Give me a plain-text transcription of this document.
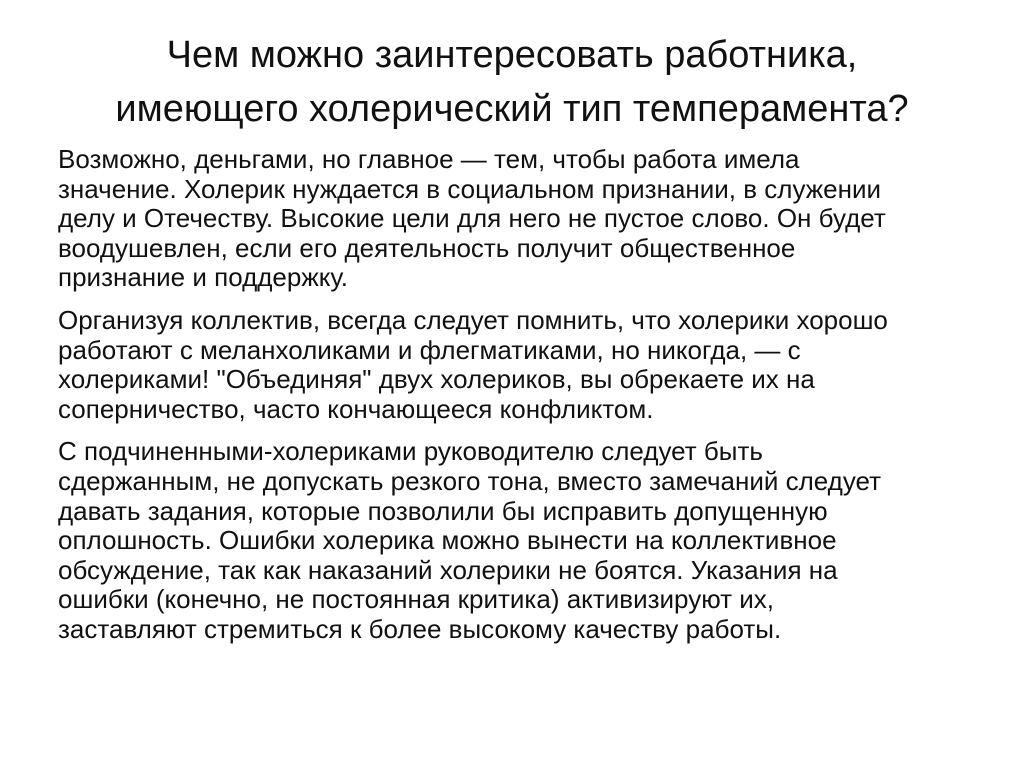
Чем можно заинтересовать работника,
имеющего холерический тип темперамента?

Возможно, деньгами, но главное — тем, чтобы работа имела
значение. Холерик нуждается в социальном признании, в служении
делу и Отечеству. Высокие цели для него не пустое слово. Он будет
воодушевлен, если его деятельность получит общественное
признание и поддержку.

Организуя коллектив, всегда следует помнить, что холерики хорошо
работают с меланхоликами и флегматиками, но никогда, — с
холериками! "Объединяя" двух холериков, вы обрекаете их на
соперничество, часто кончающееся конфликтом.

С подчиненными-холериками руководителю следует быть
сдержанным, не допускать резкого тона, вместо замечаний следует
давать задания, которые позволили бы исправить допущенную
оплошность. Ошибки холерика можно вынести на коллективное
обсуждение, так как наказаний холерики не боятся. Указания на
ошибки (конечно, не постоянная критика) активизируют их,
заставляют стремиться к более высокому качеству работы.
